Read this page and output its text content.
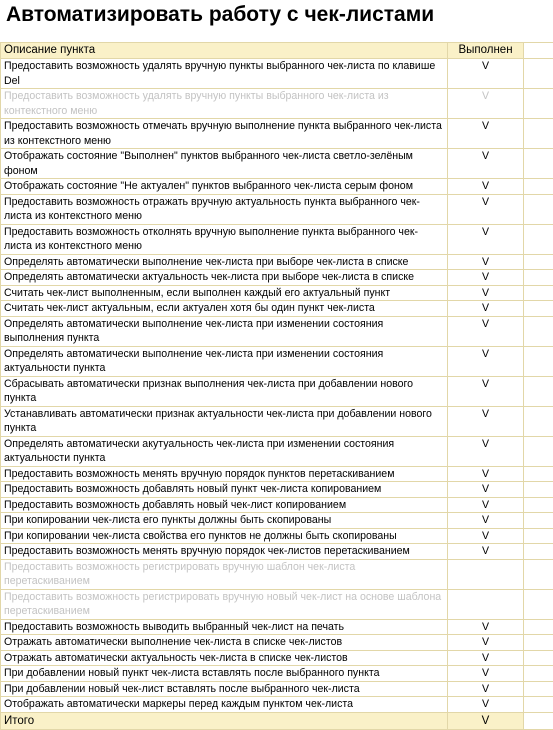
Автоматизировать работу с чек-листами
Описание пункта	Выполнен	
Предоставить возможность удалять вручную пункты выбранного чек-листа по клавише Del	V	
Предоставить возможность удалять вручную пункты выбранного чек-листа из контекстного меню	V	
Предоставить возможность отмечать вручную выполнение пункта выбранного чек-листа из контекстного меню	V	
Отображать состояние "Выполнен" пунктов выбранного чек-листа светло-зелёным фоном	V	
Отображать состояние "Не актуален" пунктов выбранного чек-листа серым фоном	V	
Предоставить возможность отражать вручную актуальность пункта выбранного чек-листа из контекстного меню	V	
Предоставить возможность отколнять вручную выполнение пункта выбранного чек-листа из контекстного меню	V	
Определять автоматически выполнение чек-листа при выборе чек-листа в списке	V	
Определять автоматически актуальность чек-листа при выборе чек-листа в списке	V	
Считать чек-лист выполненным, если выполнен каждый его актуальный пункт	V	
Считать чек-лист актуальным, если актуален хотя бы один пункт чек-листа	V	
Определять автоматически выполнение чек-листа при изменении состояния выполнения пункта	V	
Определять автоматически выполнение чек-листа при изменении состояния актуальности пункта	V	
Сбрасывать автоматически признак выполнения чек-листа при добавлении нового пункта	V	
Устанавливать автоматически признак актуальности чек-листа при добавлении нового пункта	V	
Определять автоматически акутуальность чек-листа при изменении состояния актуальности пункта	V	
Предоставить возможность менять вручную порядок пунктов перетаскиванием	V	
Предоставить возможность добавлять новый пункт чек-листа копированием	V	
Предоставить возможность добавлять новый чек-лист копированием	V	
При копировании чек-листа его пункты должны быть скопированы	V	
При копировании чек-листа свойства его пунктов не должны быть скопированы	V	
Предоставить возможность менять вручную порядок чек-листов перетаскиванием	V	
Предоставить возможность регистрировать вручную шаблон чек-листа перетаскиванием		
Предоставить возможность регистрировать вручную новый чек-лист на основе шаблона перетаскиванием		
Предоставить возможность выводить выбранный чек-лист на печать	V	
Отражать автоматически выполнение чек-листа в списке чек-листов	V	
Отражать автоматически актуальность чек-листа в списке чек-листов	V	
При добавлении новый пункт чек-листа вставлять после выбранного пункта	V	
При добавлении новый чек-лист вставлять после выбранного чек-листа	V	
Отображать автоматически маркеры перед каждым пунктом чек-листа	V	
Итого	V	
